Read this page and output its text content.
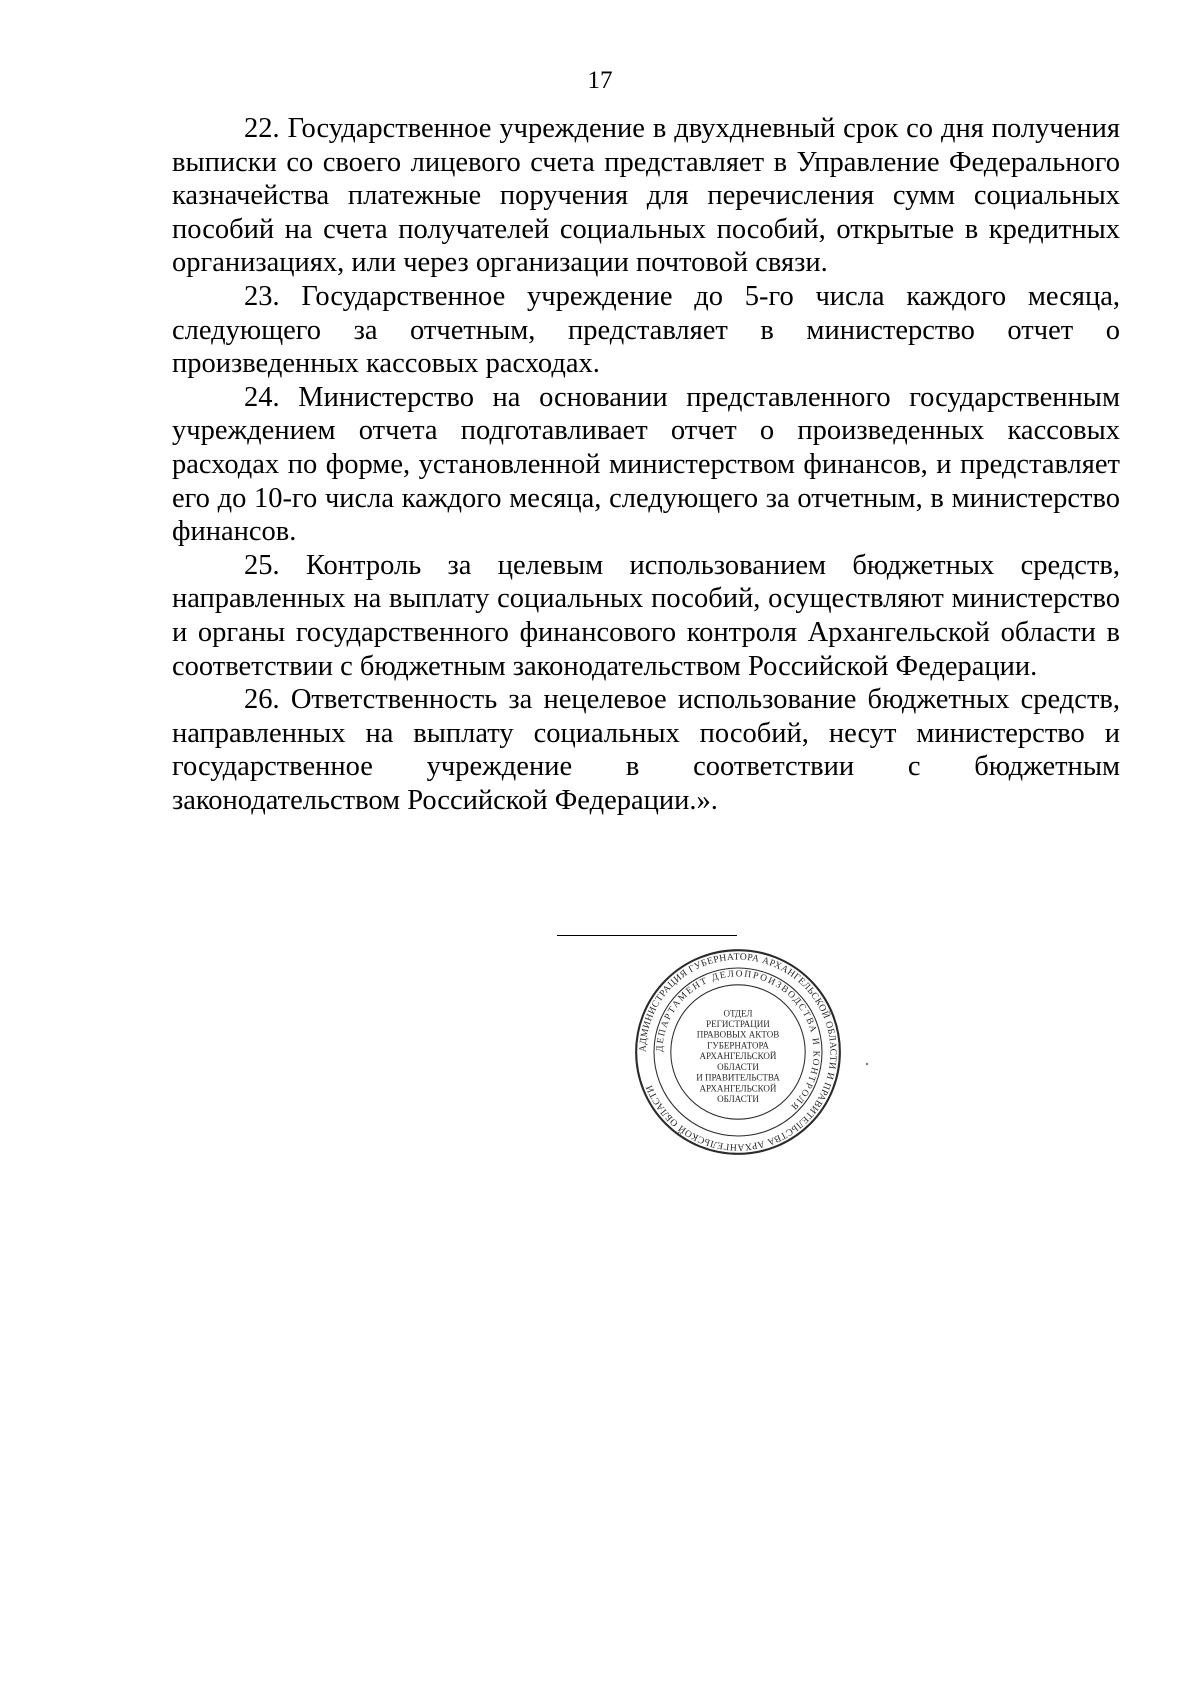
17

22. Государственное учреждение в двухдневный срок со дня получения выписки со своего лицевого счета представляет в Управление Федерального казначейства платежные поручения для перечисления сумм социальных пособий на счета получателей социальных пособий, открытые в кредитных организациях, или через организации почтовой связи.

23. Государственное учреждение до 5-го числа каждого месяца, следующего за отчетным, представляет в министерство отчет о произведенных кассовых расходах.

24. Министерство на основании представленного государственным учреждением отчета подготавливает отчет о произведенных кассовых расходах по форме, установленной министерством финансов, и представляет его до 10-го числа каждого месяца, следующего за отчетным, в министерство финансов.

25. Контроль за целевым использованием бюджетных средств, направленных на выплату социальных пособий, осуществляют министерство и органы государственного финансового контроля Архангельской области в соответствии с бюджетным законодательством Российской Федерации.

26. Ответственность за нецелевое использование бюджетных средств, направленных на выплату социальных пособий, несут министерство и государственное учреждение в соответствии с бюджетным законодательством Российской Федерации.».

АДМИНИСТРАЦИЯ ГУБЕРНАТОРА АРХАНГЕЛЬСКОЙ ОБЛАСТИ И ПРАВИТЕЛЬСТВА АРХАНГЕЛЬСКОЙ ОБЛАСТИ
ДЕПАРТАМЕНТ ДЕЛОПРОИЗВОДСТВА И КОНТРОЛЯ
ОТДЕЛ
РЕГИСТРАЦИИ
ПРАВОВЫХ АКТОВ
ГУБЕРНАТОРА
АРХАНГЕЛЬСКОЙ
ОБЛАСТИ
И ПРАВИТЕЛЬСТВА
АРХАНГЕЛЬСКОЙ
ОБЛАСТИ
